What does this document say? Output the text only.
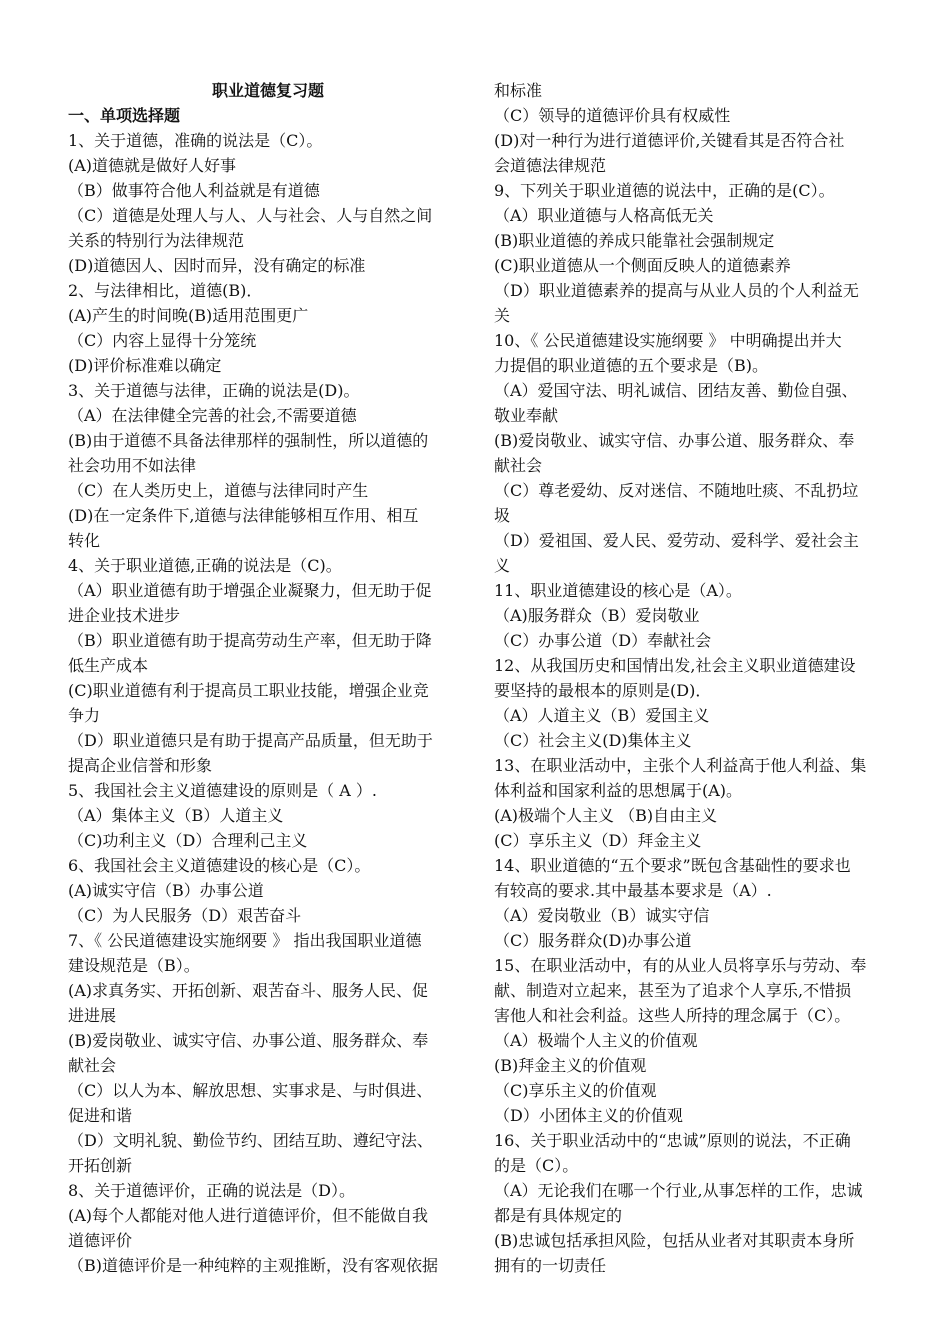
职业道德复习题
一、单项选择题
1、关于道德，准确的说法是（C）。
(A)道德就是做好人好事
（B）做事符合他人利益就是有道德
（C）道德是处理人与人、人与社会、人与自然之间
关系的特别行为法律规范
(D)道德因人、因时而异，没有确定的标准
2、与法律相比，道德(B)．
(A)产生的时间晚(B)适用范围更广
（C）内容上显得十分笼统
(D)评价标准难以确定
3、关于道德与法律，正确的说法是(D)。
（A）在法律健全完善的社会,不需要道德
(B)由于道德不具备法律那样的强制性，所以道德的
社会功用不如法律
（C）在人类历史上，道德与法律同时产生
(D)在一定条件下,道德与法律能够相互作用、相互
转化
4、关于职业道德,正确的说法是（C)。
（A）职业道德有助于增强企业凝聚力，但无助于促
进企业技术进步
（B）职业道德有助于提高劳动生产率，但无助于降
低生产成本
(C)职业道德有利于提高员工职业技能，增强企业竞
争力
（D）职业道德只是有助于提高产品质量，但无助于
提高企业信誉和形象
5、我国社会主义道德建设的原则是（ A ）.
（A）集体主义（B）人道主义
（C)功利主义（D）合理利己主义
6、我国社会主义道德建设的核心是（C）。
(A)诚实守信（B）办事公道
（C）为人民服务（D）艰苦奋斗
7、《 公民道德建设实施纲要 》 指出我国职业道德
建设规范是（B）。
(A)求真务实、开拓创新、艰苦奋斗、服务人民、促
进进展
(B)爱岗敬业、诚实守信、办事公道、服务群众、奉
献社会
（C）以人为本、解放思想、实事求是、与时俱进、
促进和谐
（D）文明礼貌、勤俭节约、团结互助、遵纪守法、
开拓创新
8、关于道德评价，正确的说法是（D）。
(A)每个人都能对他人进行道德评价，但不能做自我
道德评价
（B)道德评价是一种纯粹的主观推断，没有客观依据
和标准
（C）领导的道德评价具有权威性
(D)对一种行为进行道德评价,关键看其是否符合社
会道德法律规范
9、下列关于职业道德的说法中，正确的是(C）。
（A）职业道德与人格高低无关
(B)职业道德的养成只能靠社会强制规定
(C)职业道德从一个侧面反映人的道德素养
（D）职业道德素养的提高与从业人员的个人利益无
关
10、《 公民道德建设实施纲要 》 中明确提出并大
力提倡的职业道德的五个要求是（B)。
（A）爱国守法、明礼诚信、团结友善、勤俭自强、
敬业奉献
(B)爱岗敬业、诚实守信、办事公道、服务群众、奉
献社会
（C）尊老爱幼、反对迷信、不随地吐痰、不乱扔垃
圾
（D）爱祖国、爱人民、爱劳动、爱科学、爱社会主
义
11、职业道德建设的核心是（A）。
（A)服务群众（B）爱岗敬业
（C）办事公道（D）奉献社会
12、从我国历史和国情出发,社会主义职业道德建设
要坚持的最根本的原则是(D)．
（A）人道主义（B）爱国主义
（C）社会主义(D)集体主义
13、在职业活动中，主张个人利益高于他人利益、集
体利益和国家利益的思想属于(A)。
(A)极端个人主义 （B)自由主义
(C）享乐主义（D）拜金主义
14、职业道德的“五个要求”既包含基础性的要求也
有较高的要求.其中最基本要求是（A）.
（A）爱岗敬业（B）诚实守信
（C）服务群众(D)办事公道
15、在职业活动中，有的从业人员将享乐与劳动、奉
献、制造对立起来，甚至为了追求个人享乐,不惜损
害他人和社会利益。这些人所持的理念属于（C）。
（A）极端个人主义的价值观
(B)拜金主义的价值观
（C)享乐主义的价值观
（D）小团体主义的价值观
16、关于职业活动中的“忠诚”原则的说法，不正确
的是（C）。
（A）无论我们在哪一个行业,从事怎样的工作，忠诚
都是有具体规定的
(B)忠诚包括承担风险，包括从业者对其职责本身所
拥有的一切责任
